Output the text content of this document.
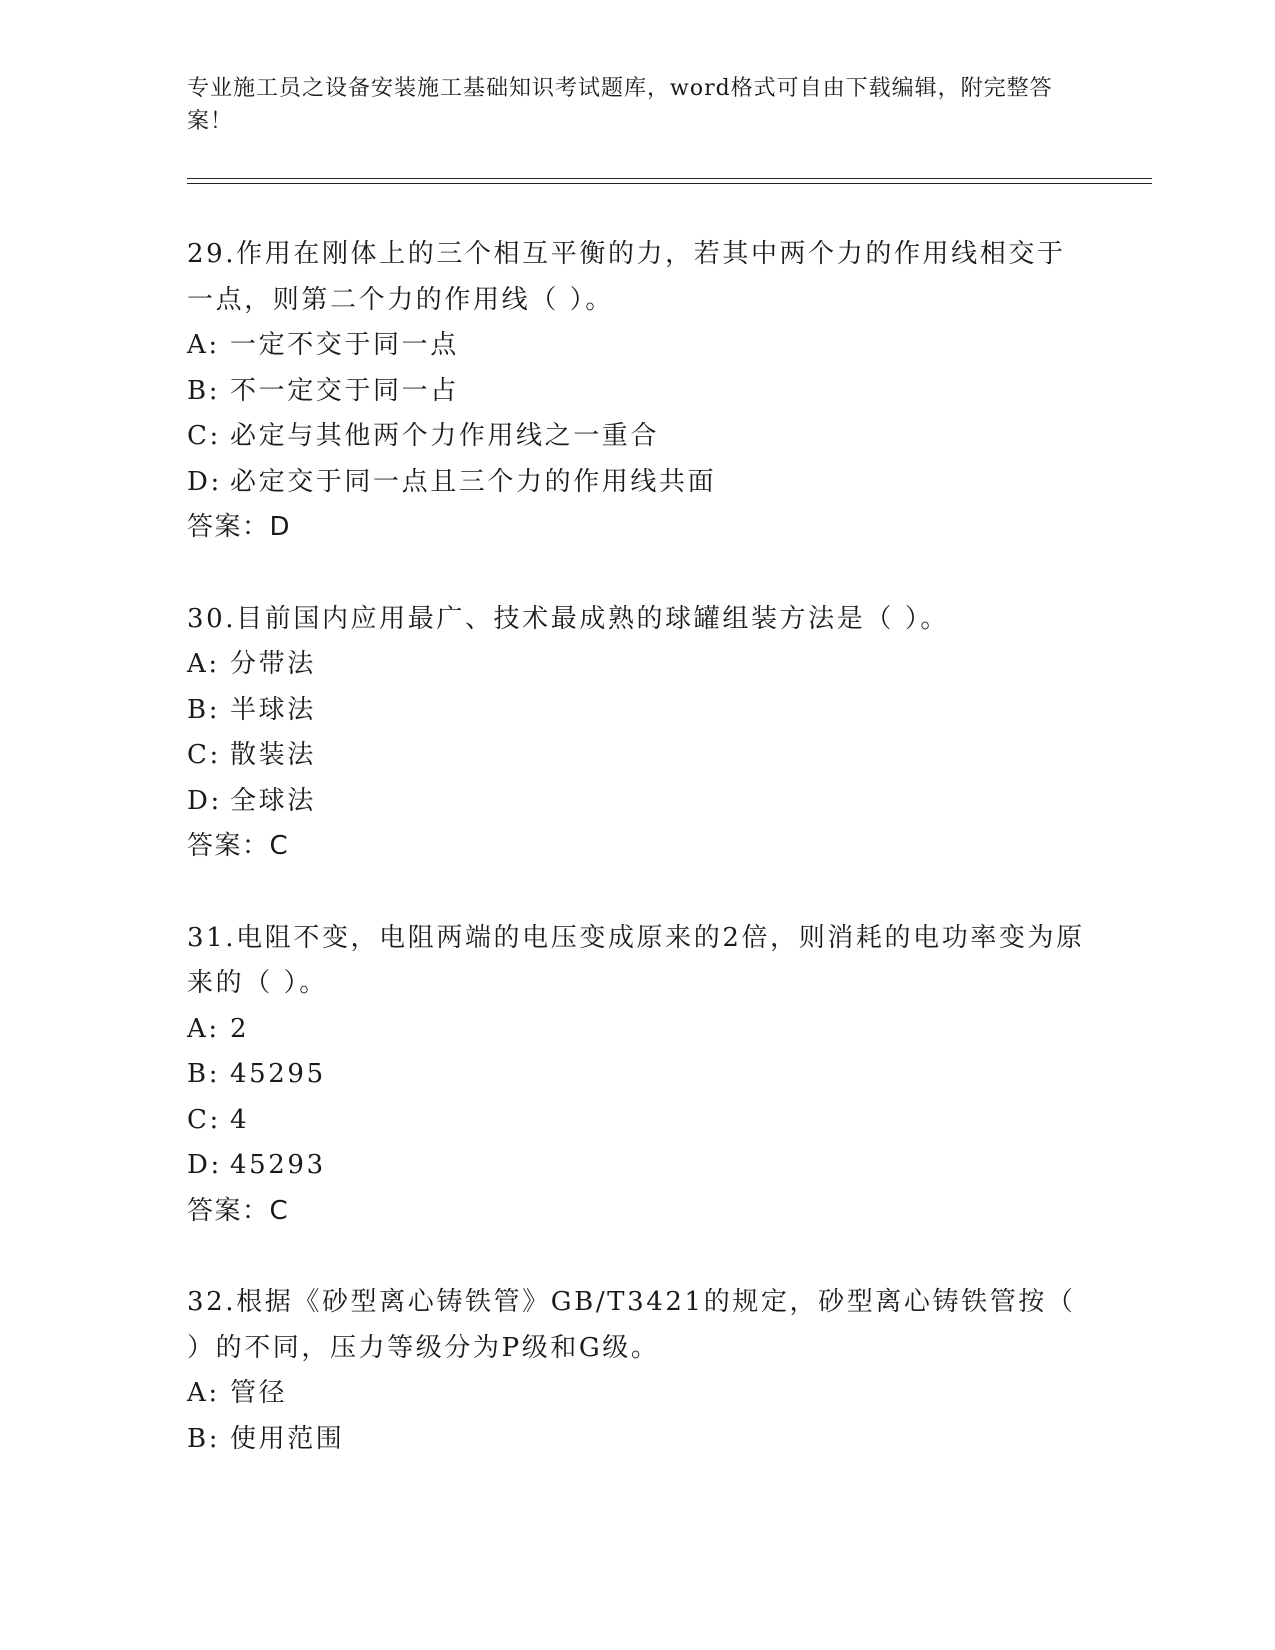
专业施工员之设备安装施工基础知识考试题库，word格式可自由下载编辑，附完整答案！

29.作用在刚体上的三个相互平衡的力，若其中两个力的作用线相交于一点，则第二个力的作用线（ ）。

A: 一定不交于同一点
B: 不一定交于同一占
C: 必定与其他两个力作用线之一重合
D: 必定交于同一点且三个力的作用线共面
答案：D

30.目前国内应用最广、技术最成熟的球罐组装方法是（ ）。

A: 分带法
B: 半球法
C: 散装法
D: 全球法
答案：C

31.电阻不变，电阻两端的电压变成原来的2倍，则消耗的电功率变为原来的（ ）。

A: 2
B: 45295
C: 4
D: 45293
答案：C

32.根据《砂型离心铸铁管》GB/T3421的规定，砂型离心铸铁管按（ ）的不同，压力等级分为P级和G级。

A: 管径
B: 使用范围
